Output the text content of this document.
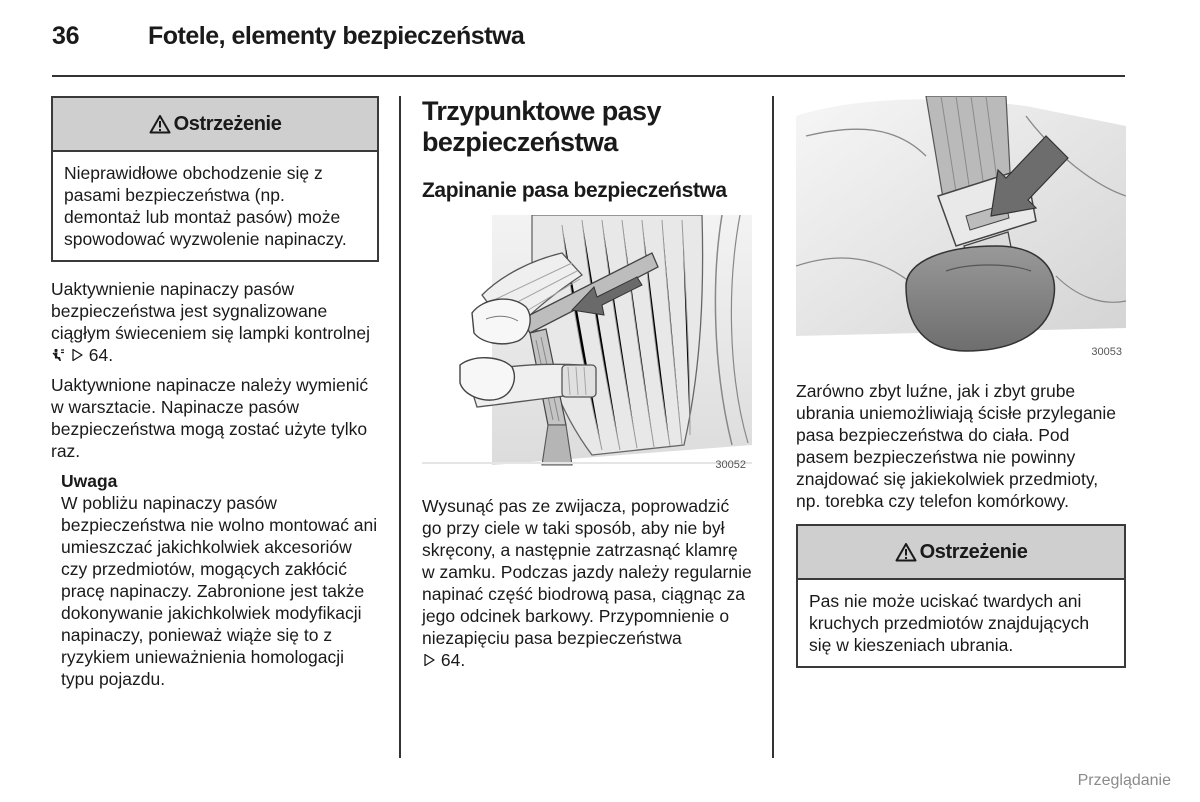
36	Fotele, elementy bezpieczeństwa
Ostrzeżenie
Nieprawidłowe obchodzenie się z pasami bezpieczeństwa (np. demontaż lub montaż pasów) może spowodować wyzwolenie napinaczy.

Uaktywnienie napinaczy pasów bezpieczeństwa jest sygnalizowane ciągłym świeceniem się lampki kontrolnej   64.

Uaktywnione napinacze należy wymienić w warsztacie. Napinacze pasów bezpieczeństwa mogą zostać użyte tylko raz.

Uwaga
W pobliżu napinaczy pasów bezpieczeństwa nie wolno montować ani umieszczać jakichkolwiek akcesoriów czy przedmiotów, mogących zakłócić pracę napinaczy. Zabronione jest także dokonywanie jakichkolwiek modyfikacji napinaczy, ponieważ wiąże się to z ryzykiem unieważnienia homologacji typu pojazdu.
Trzypunktowe pasy bezpieczeństwa
Zapinanie pasa bezpieczeństwa
30052

Wysunąć pas ze zwijacza, poprowadzić go przy ciele w taki sposób, aby nie był skręcony, a następnie zatrzasnąć klamrę w zamku. Podczas jazdy należy regularnie napinać część biodrową pasa, ciągnąc za jego odcinek barkowy. Przypomnienie o niezapięciu pasa bezpieczeństwa
64.

30053

Zarówno zbyt luźne, jak i zbyt grube ubrania uniemożliwiają ścisłe przyleganie pasa bezpieczeństwa do ciała. Pod pasem bezpieczeństwa nie powinny znajdować się jakiekolwiek przedmioty, np. torebka czy telefon komórkowy.

Ostrzeżenie
Pas nie może uciskać twardych ani kruchych przedmiotów znajdujących się w kieszeniach ubrania.
Przeglądanie
